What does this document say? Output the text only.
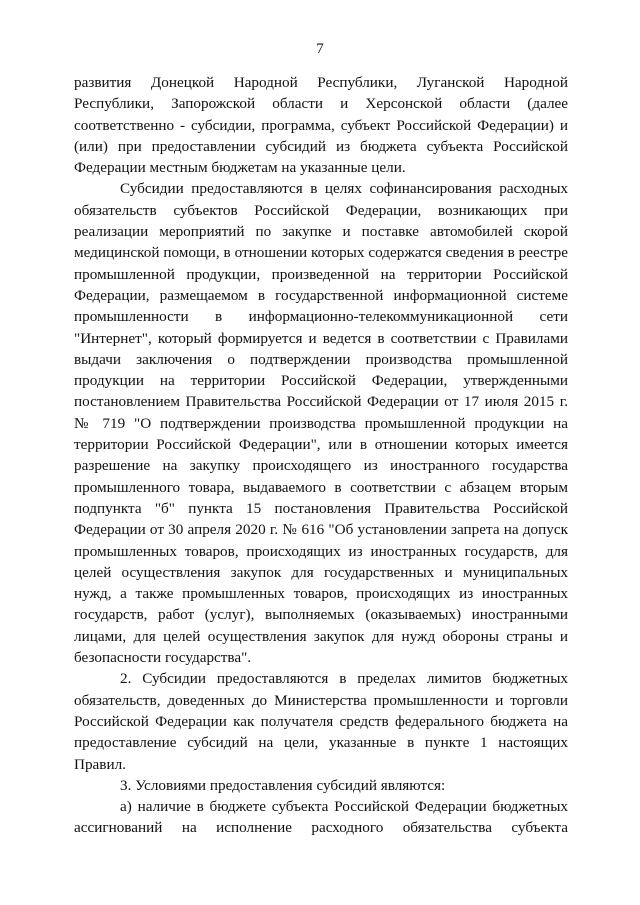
7

развития Донецкой Народной Республики, Луганской Народной Республики, Запорожской области и Херсонской области (далее соответственно - субсидии, программа, субъект Российской Федерации) и (или) при предоставлении субсидий из бюджета субъекта Российской Федерации местным бюджетам на указанные цели.

Субсидии предоставляются в целях софинансирования расходных обязательств субъектов Российской Федерации, возникающих при реализации мероприятий по закупке и поставке автомобилей скорой медицинской помощи, в отношении которых содержатся сведения в реестре промышленной продукции, произведенной на территории Российской Федерации, размещаемом в государственной информационной системе промышленности в информационно-телекоммуникационной сети "Интернет", который формируется и ведется в соответствии с Правилами выдачи заключения о подтверждении производства промышленной продукции на территории Российской Федерации, утвержденными постановлением Правительства Российской Федерации от 17 июля 2015 г. № 719 "О подтверждении производства промышленной продукции на территории Российской Федерации", или в отношении которых имеется разрешение на закупку происходящего из иностранного государства промышленного товара, выдаваемого в соответствии с абзацем вторым подпункта "б" пункта 15 постановления Правительства Российской Федерации от 30 апреля 2020 г. № 616 "Об установлении запрета на допуск промышленных товаров, происходящих из иностранных государств, для целей осуществления закупок для государственных и муниципальных нужд, а также промышленных товаров, происходящих из иностранных государств, работ (услуг), выполняемых (оказываемых) иностранными лицами, для целей осуществления закупок для нужд обороны страны и безопасности государства".

2. Субсидии предоставляются в пределах лимитов бюджетных обязательств, доведенных до Министерства промышленности и торговли Российской Федерации как получателя средств федерального бюджета на предоставление субсидий на цели, указанные в пункте 1 настоящих Правил.

3. Условиями предоставления субсидий являются:

а) наличие в бюджете субъекта Российской Федерации бюджетных ассигнований на исполнение расходного обязательства субъекта
